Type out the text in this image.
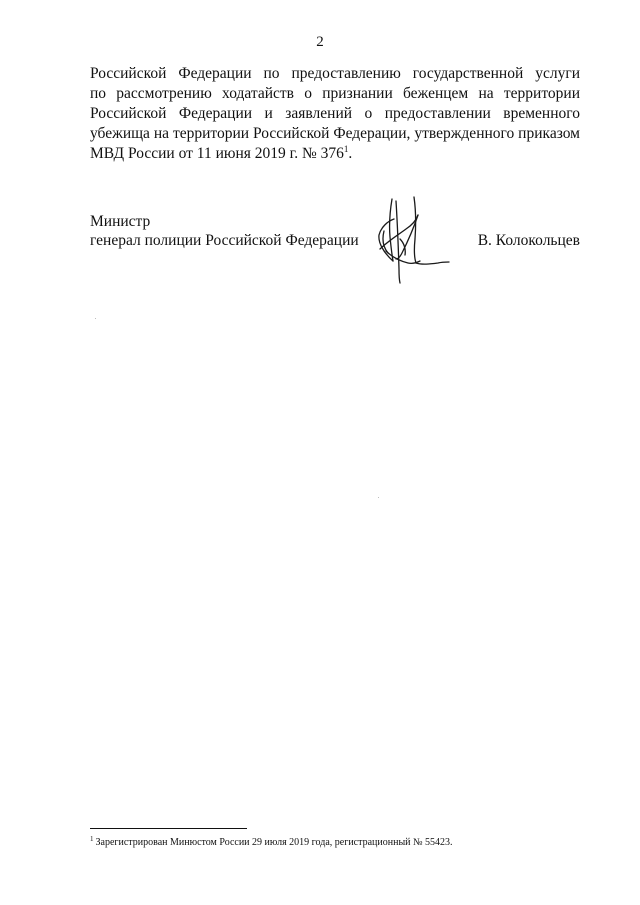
2

Российской Федерации по предоставлению государственной услуги
по рассмотрению ходатайств о признании беженцем на территории
Российской Федерации и заявлений о предоставлении временного
убежища на территории Российской Федерации, утвержденного приказом
МВД России от 11 июня 2019 г. № 376$^1$.

Министр
генерал полиции Российской Федерации	В. Колокольцев
$^1$ Зарегистрирован Минюстом России 29 июля 2019 года, регистрационный № 55423.
